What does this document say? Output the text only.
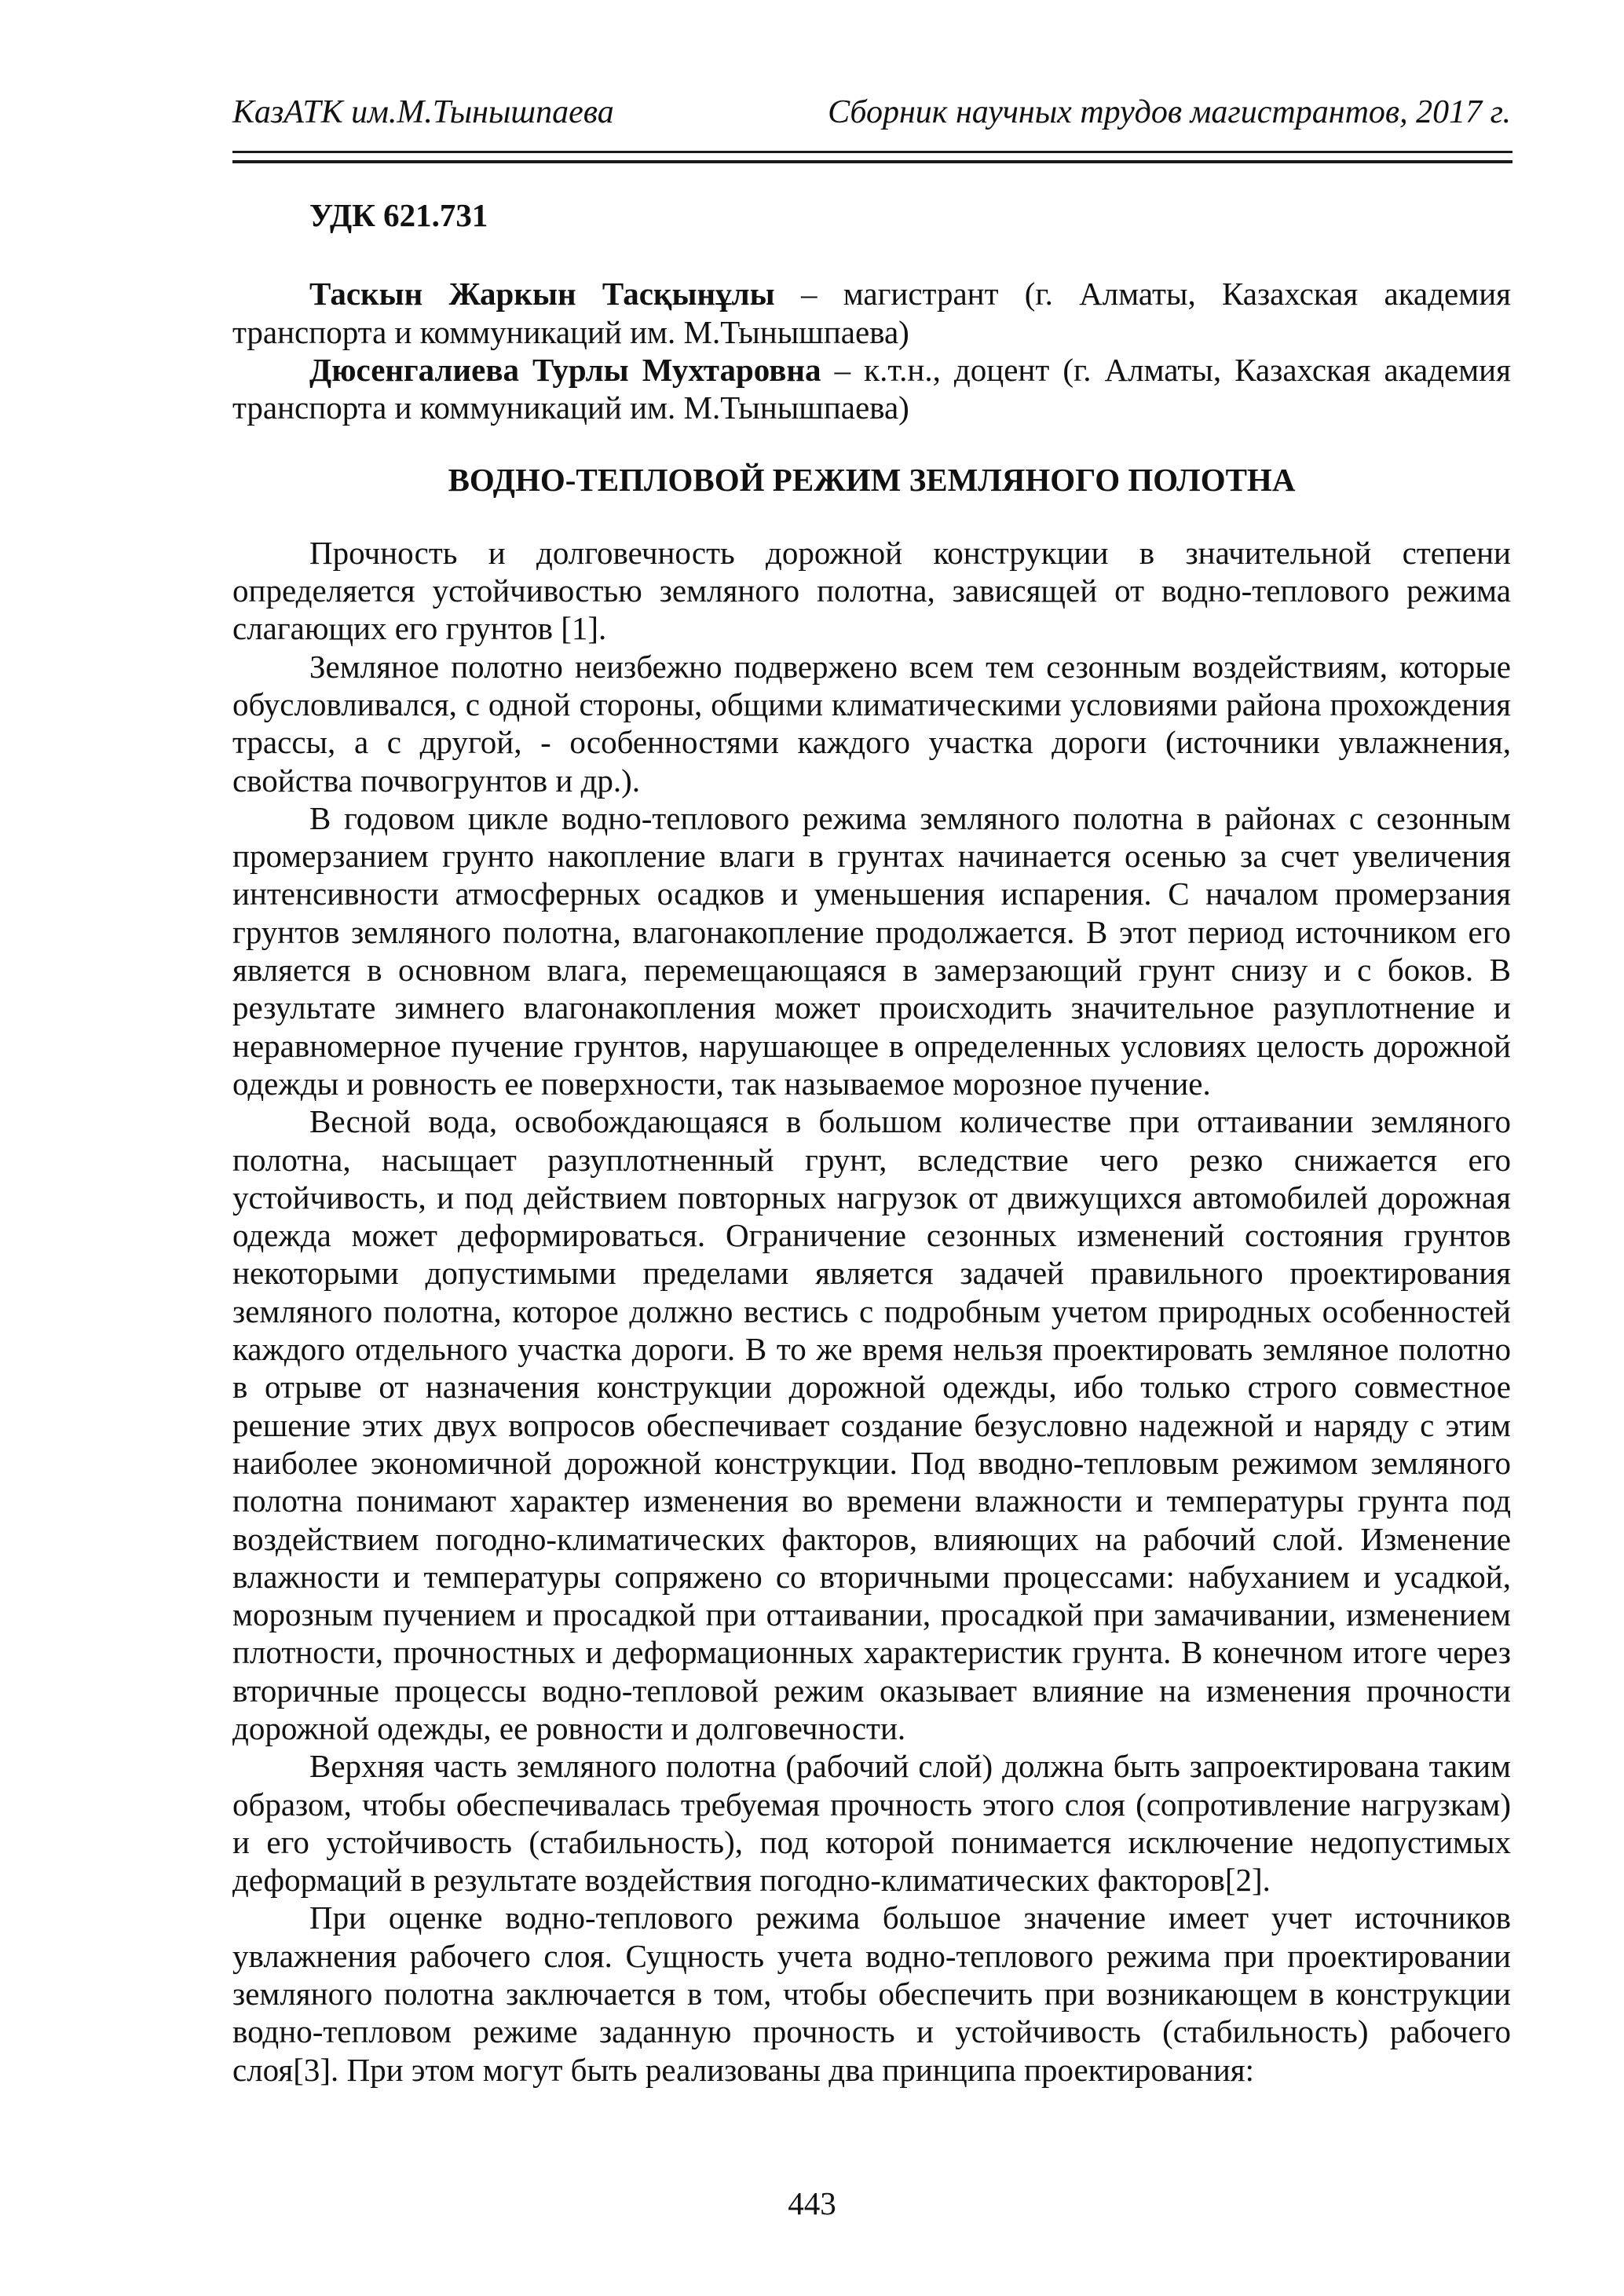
КазАТК им.М.Тынышпаева	Сборник научных трудов магистрантов, 2017 г.

УДК 621.731

Таскын Жаркын Тасқынұлы – магистрант (г. Алматы, Казахская академия транспорта и коммуникаций им. М.Тынышпаева)

Дюсенгалиева Турлы Мухтаровна – к.т.н., доцент (г. Алматы, Казахская академия транспорта и коммуникаций им. М.Тынышпаева)

ВОДНО-ТЕПЛОВОЙ РЕЖИМ ЗЕМЛЯНОГО ПОЛОТНА

Прочность и долговечность дорожной конструкции в значительной степени определяется устойчивостью земляного полотна, зависящей от водно-теплового режима слагающих его грунтов [1].

Земляное полотно неизбежно подвержено всем тем сезонным воздействиям, которые обусловливался, с одной стороны, общими климатическими условиями района прохождения трассы, а с другой, - особенностями каждого участка дороги (источники увлажнения, свойства почвогрунтов и др.).

В годовом цикле водно-теплового режима земляного полотна в районах с сезонным промерзанием грунто накопление влаги в грунтах начинается осенью за счет увеличения интенсивности атмосферных осадков и уменьшения испарения. С началом промерзания грунтов земляного полотна, влагонакопление продолжается. В этот период источником его является в основном влага, перемещающаяся в замерзающий грунт снизу и с боков. В результате зимнего влагонакопления может происходить значительное разуплотнение и неравномерное пучение грунтов, нарушающее в определенных условиях целость дорожной одежды и ровность ее поверхности, так называемое морозное пучение.

Весной вода, освобождающаяся в большом количестве при оттаивании земляного полотна, насыщает разуплотненный грунт, вследствие чего резко снижается его устойчивость, и под действием повторных нагрузок от движущихся автомобилей дорожная одежда может деформироваться. Ограничение сезонных изменений состояния грунтов некоторыми допустимыми пределами является задачей правильного проектирования земляного полотна, которое должно вестись с подробным учетом природных особенностей каждого отдельного участка дороги. В то же время нельзя проектировать земляное полотно в отрыве от назначения конструкции дорожной одежды, ибо только строго совместное решение этих двух вопросов обеспечивает создание безусловно надежной и наряду с этим наиболее экономичной дорожной конструкции. Под вводно-тепловым режимом земляного полотна понимают характер изменения во времени влажности и температуры грунта под воздействием погодно-климатических факторов, влияющих на рабочий слой. Изменение влажности и температуры сопряжено со вторичными процессами: набуханием и усадкой, морозным пучением и просадкой при оттаивании, просадкой при замачивании, изменением плотности, прочностных и деформационных характеристик грунта. В конечном итоге через вторичные процессы водно-тепловой режим оказывает влияние на изменения прочности дорожной одежды, ее ровности и долговечности.

Верхняя часть земляного полотна (рабочий слой) должна быть запроектирована таким образом, чтобы обеспечивалась требуемая прочность этого слоя (сопротивление нагрузкам) и его устойчивость (стабильность), под которой понимается исключение недопустимых деформаций в результате воздействия погодно-климатических факторов[2].

При оценке водно-теплового режима большое значение имеет учет источников увлажнения рабочего слоя. Сущность учета водно-теплового режима при проектировании земляного полотна заключается в том, чтобы обеспечить при возникающем в конструкции водно-тепловом режиме заданную прочность и устойчивость (стабильность) рабочего слоя[3]. При этом могут быть реализованы два принципа проектирования:

443
